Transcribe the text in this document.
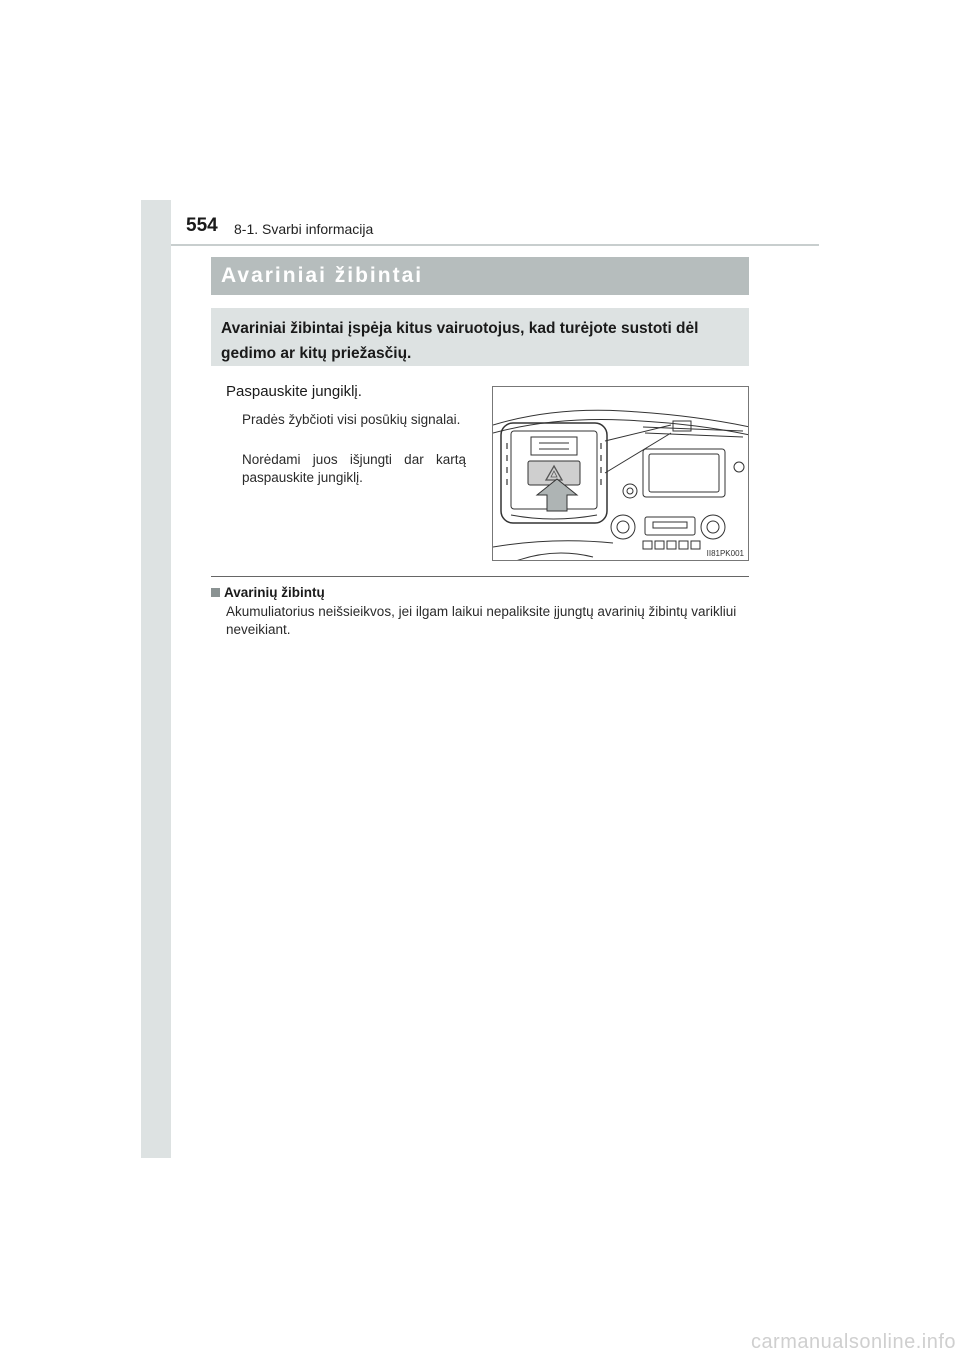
554 8-1. Svarbi informacija
Avariniai žibintai
Avariniai žibintai įspėja kitus vairuotojus, kad turėjote sustoti dėl gedimo ar kitų priežasčių.
Paspauskite jungiklį.
Pradės žybčioti visi posūkių signalai.
Norėdami juos išjungti dar kartą paspauskite jungiklį.
II81PK001
Avarinių žibintų
Akumuliatorius neišsieikvos, jei ilgam laikui nepaliksite įjungtų avarinių žibintų varikliui neveikiant.
carmanualsonline.info
